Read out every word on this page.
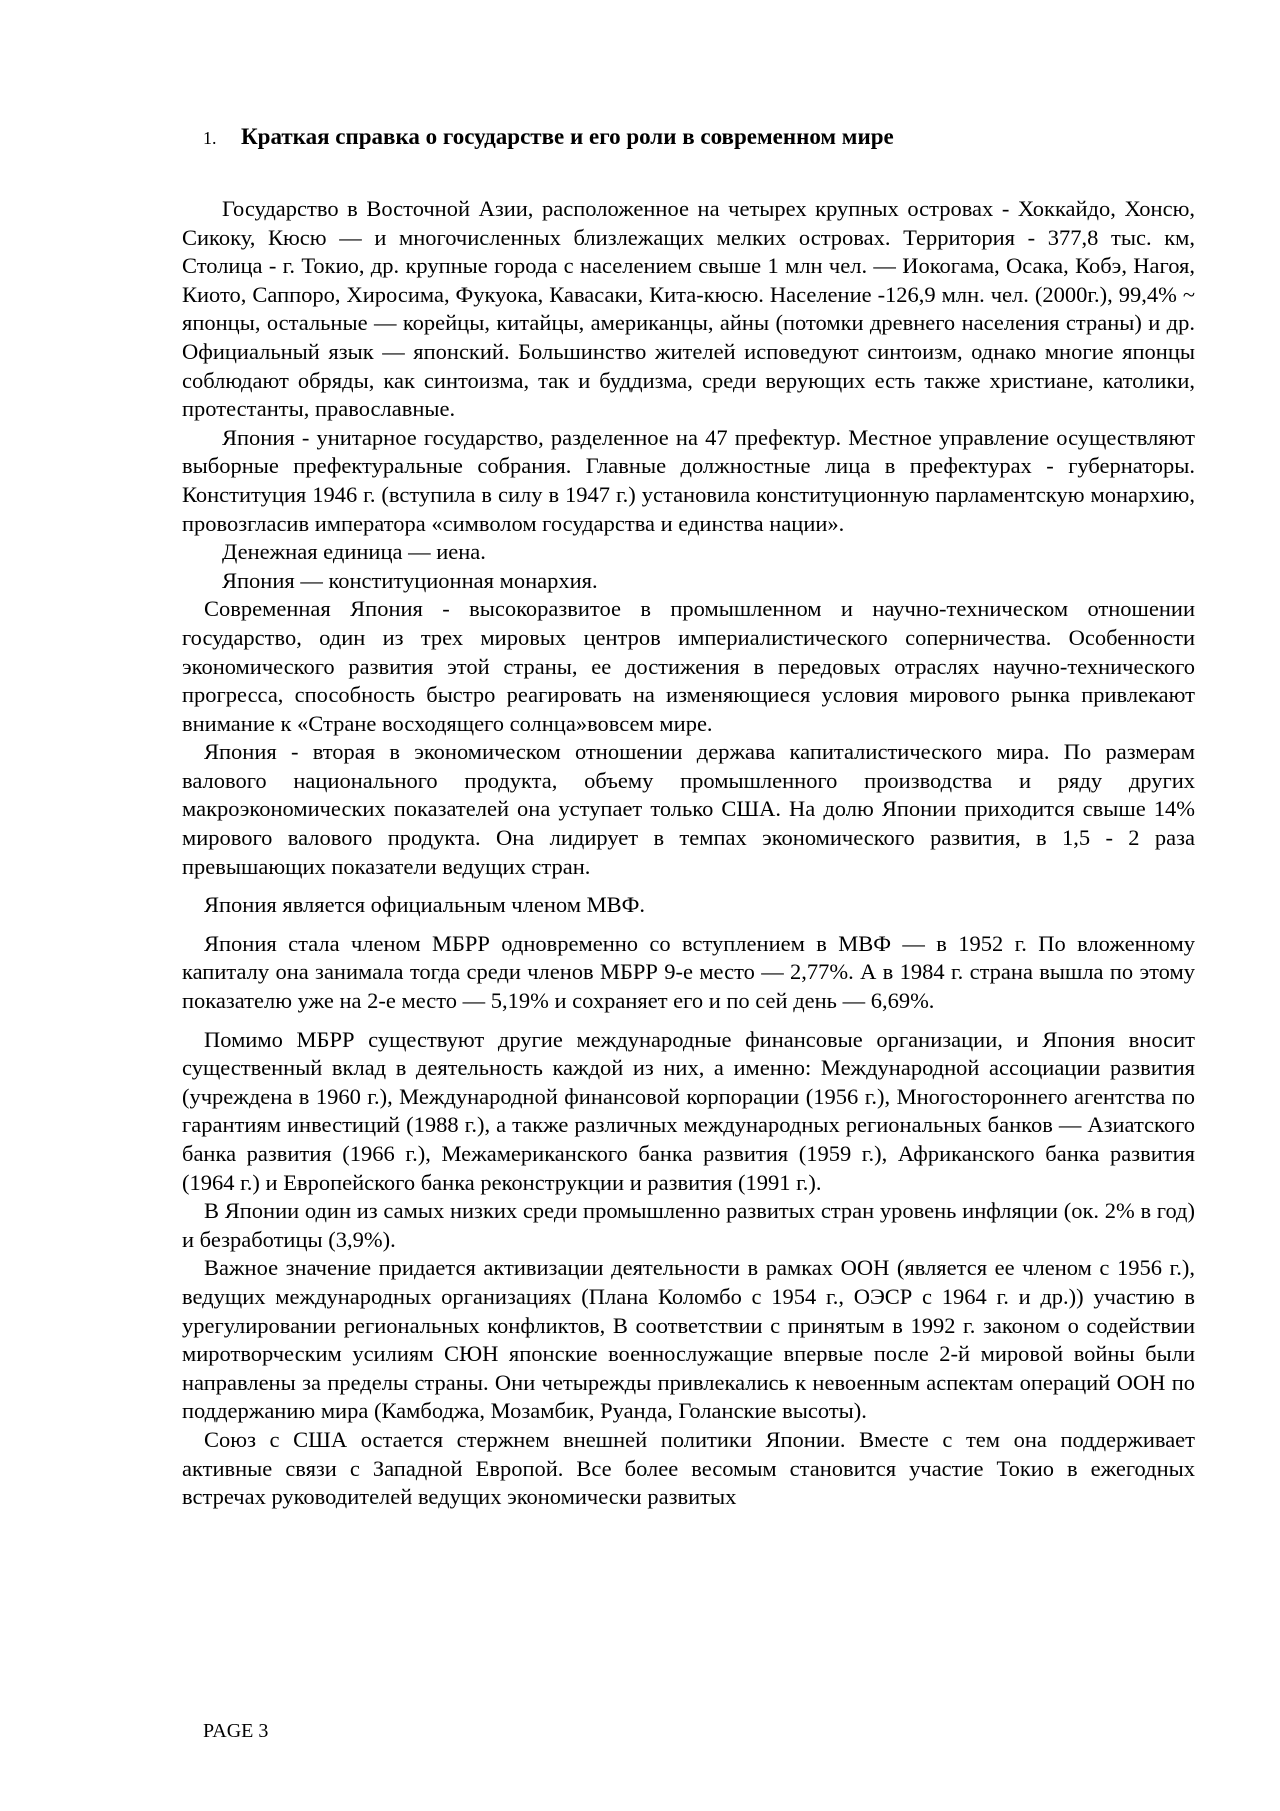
1. Краткая справка о государстве и его роли в современном мире

Государство в Восточной Азии, расположенное на четырех крупных островах - Хоккайдо, Хонсю, Сикоку, Кюсю — и многочисленных близлежащих мелких островах. Территория - 377,8 тыс. км, Столица - г. Токио, др. крупные города с населением свыше 1 млн чел. — Иокогама, Осака, Кобэ, Нагоя, Киото, Саппоро, Хиросима, Фукуока, Кавасаки, Кита-кюсю. Население -126,9 млн. чел. (2000г.), 99,4% ~ японцы, остальные — корейцы, китайцы, американцы, айны (потомки древнего населения страны) и др. Официальный язык — японский. Большинство жителей исповедуют синтоизм, однако многие японцы соблюдают обряды, как синтоизма, так и буддизма, среди верующих есть также христиане, католики, протестанты, православные.

Япония - унитарное государство, разделенное на 47 префектур. Местное управление осуществляют выборные префектуральные собрания. Главные должностные лица в префектурах - губернаторы. Конституция 1946 г. (вступила в силу в 1947 г.) установила конституционную парламентскую монархию, провозгласив императора «символом государства и единства нации».

Денежная единица — иена.

Япония — конституционная монархия.

Современная Япония - высокоразвитое в промышленном и научно-техническом отношении государство, один из трех мировых центров империалистического соперничества. Особенности экономического развития этой страны, ее достижения в передовых отраслях научно-технического прогресса, способность быстро реагировать на изменяющиеся условия мирового рынка привлекают внимание к «Стране восходящего солнца»вовсем мире.

Япония - вторая в экономическом отношении держава капиталистического мира. По размерам валового национального продукта, объему промышленного производства и ряду других макроэкономических показателей она уступает только США. На долю Японии приходится свыше 14% мирового валового продукта. Она лидирует в темпах экономического развития, в 1,5 - 2 раза превышающих показатели ведущих стран.

Япония является официальным членом МВФ.

Япония стала членом МБРР одновременно со вступлением в МВФ — в 1952 г. По вложенному капиталу она занимала тогда среди членов МБРР 9-е место — 2,77%. А в 1984 г. страна вышла по этому показателю уже на 2-е место — 5,19% и сохраняет его и по сей день — 6,69%.

Помимо МБРР существуют другие международные финансовые организации, и Япония вносит существенный вклад в деятельность каждой из них, а именно: Международной ассоциации развития (учреждена в 1960 г.), Международной финансовой корпорации (1956 г.), Многостороннего агентства по гарантиям инвестиций (1988 г.), а также различных международных региональных банков — Азиатского банка развития (1966 г.), Межамериканского банка развития (1959 г.), Африканского банка развития (1964 г.) и Европейского банка реконструкции и развития (1991 г.).

В Японии один из самых низких среди промышленно развитых стран уровень инфляции (ок. 2% в год) и безработицы (3,9%).

Важное значение придается активизации деятельности в рамках ООН (является ее членом с 1956 г.), ведущих международных организациях (Плана Коломбо с 1954 г., ОЭСР с 1964 г. и др.)) участию в урегулировании региональных конфликтов, В соответствии с принятым в 1992 г. законом о содействии миротворческим усилиям СЮН японские военнослужащие впервые после 2-й мировой войны были направлены за пределы страны. Они четырежды привлекались к невоенным аспектам операций ООН по поддержанию мира (Камбоджа, Мозамбик, Руанда, Голанские высоты).

Союз с США остается стержнем внешней политики Японии. Вместе с тем она поддерживает активные связи с Западной Европой. Все более весомым становится участие Токио в ежегодных встречах руководителей ведущих экономически развитых

PAGE 3
